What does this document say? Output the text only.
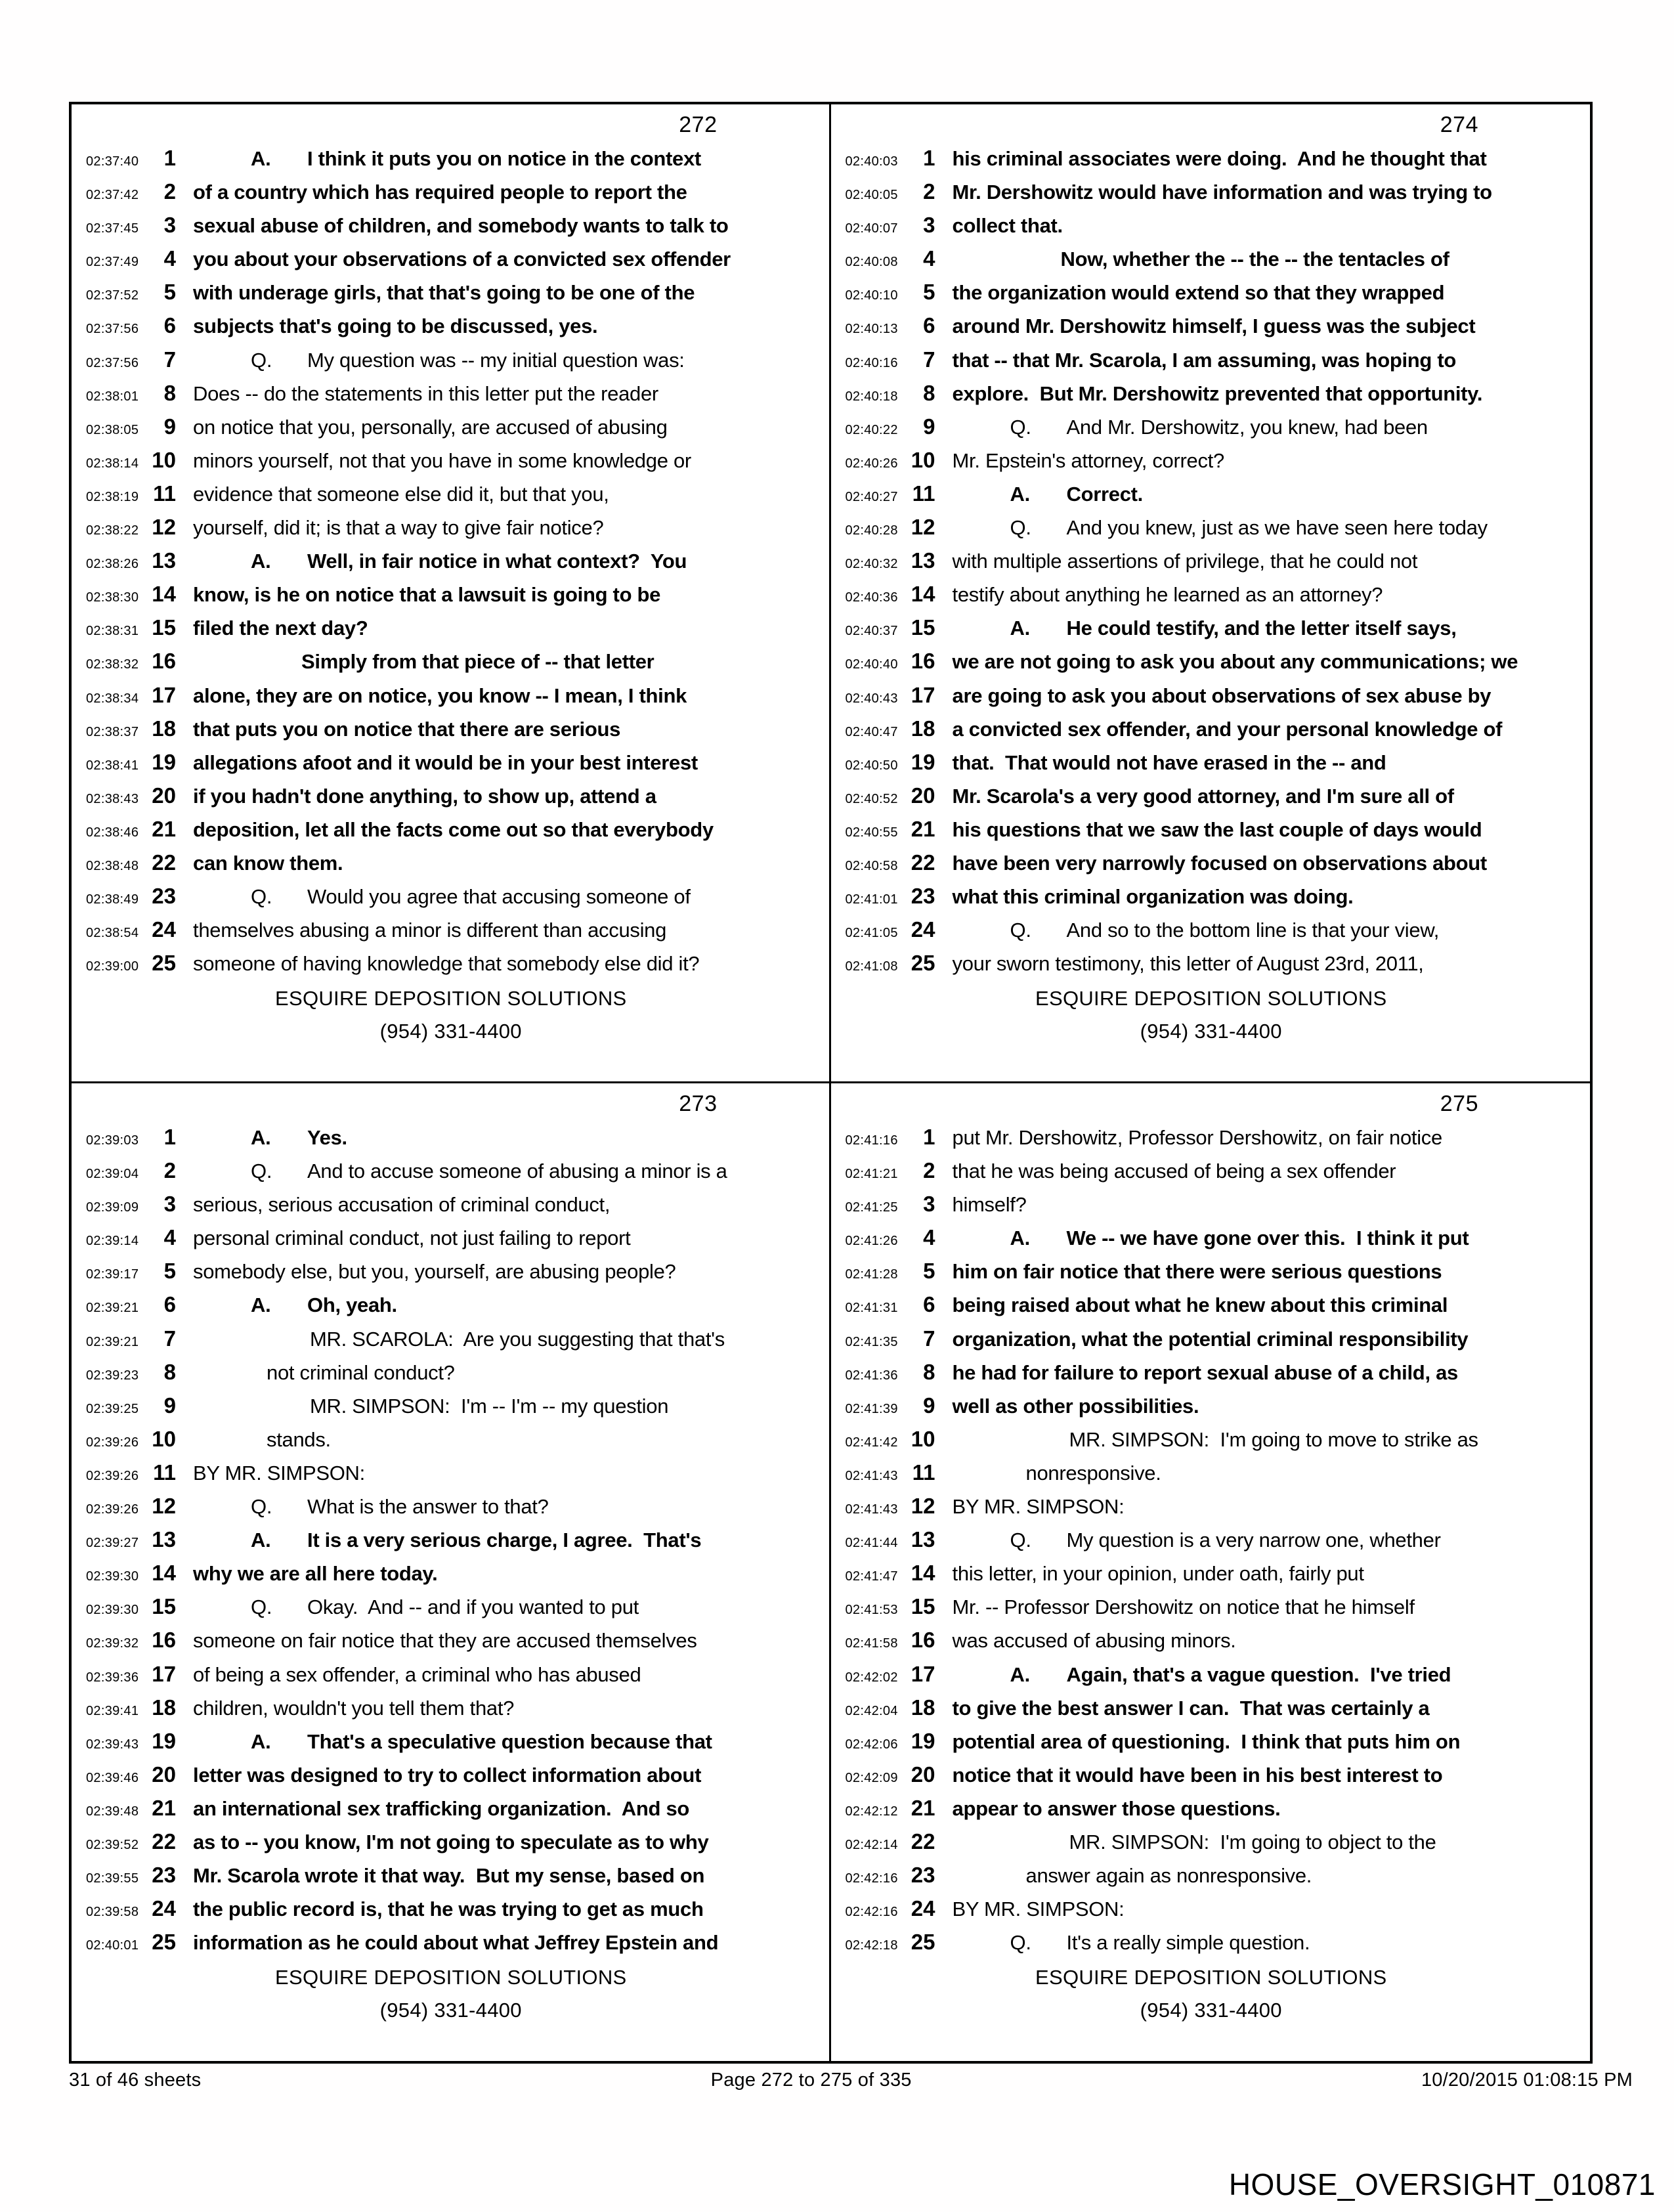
272
02:37:40	1	A. I think it puts you on notice in the context
02:37:42	2 of a country which has required people to report the
02:37:45	3 sexual abuse of children, and somebody wants to talk to
02:37:49	4 you about your observations of a convicted sex offender
02:37:52	5 with underage girls, that that's going to be one of the
02:37:56	6 subjects that's going to be discussed, yes.
02:37:56	7	Q. My question was -- my initial question was:
02:38:01	8 Does -- do the statements in this letter put the reader
02:38:05	9 on notice that you, personally, are accused of abusing
02:38:14 10 minors yourself, not that you have in some knowledge or
02:38:19 11 evidence that someone else did it, but that you,
02:38:22 12 yourself, did it; is that a way to give fair notice?
02:38:26 13	A. Well, in fair notice in what context?  You
02:38:30 14 know, is he on notice that a lawsuit is going to be
02:38:31 15 filed the next day?
02:38:32 16	Simply from that piece of -- that letter
02:38:34 17 alone, they are on notice, you know -- I mean, I think
02:38:37 18 that puts you on notice that there are serious
02:38:41 19 allegations afoot and it would be in your best interest
02:38:43 20 if you hadn't done anything, to show up, attend a
02:38:46 21 deposition, let all the facts come out so that everybody
02:38:48 22 can know them.
02:38:49 23	Q. Would you agree that accusing someone of
02:38:54 24 themselves abusing a minor is different than accusing
02:39:00 25 someone of having knowledge that somebody else did it?
ESQUIRE DEPOSITION SOLUTIONS
(954) 331-4400
274
02:40:03	1 his criminal associates were doing.  And he thought that
02:40:05	2 Mr. Dershowitz would have information and was trying to
02:40:07	3 collect that.
02:40:08	4	Now, whether the -- the -- the tentacles of
02:40:10	5 the organization would extend so that they wrapped
02:40:13	6 around Mr. Dershowitz himself, I guess was the subject
02:40:16	7 that -- that Mr. Scarola, I am assuming, was hoping to
02:40:18	8 explore.  But Mr. Dershowitz prevented that opportunity.
02:40:22	9	Q. And Mr. Dershowitz, you knew, had been
02:40:26 10 Mr. Epstein's attorney, correct?
02:40:27 11	A. Correct.
02:40:28 12	Q. And you knew, just as we have seen here today
02:40:32 13 with multiple assertions of privilege, that he could not
02:40:36 14 testify about anything he learned as an attorney?
02:40:37 15	A. He could testify, and the letter itself says,
02:40:40 16 we are not going to ask you about any communications; we
02:40:43 17 are going to ask you about observations of sex abuse by
02:40:47 18 a convicted sex offender, and your personal knowledge of
02:40:50 19 that.  That would not have erased in the -- and
02:40:52 20 Mr. Scarola's a very good attorney, and I'm sure all of
02:40:55 21 his questions that we saw the last couple of days would
02:40:58 22 have been very narrowly focused on observations about
02:41:01 23 what this criminal organization was doing.
02:41:05 24	Q. And so to the bottom line is that your view,
02:41:08 25 your sworn testimony, this letter of August 23rd, 2011,
ESQUIRE DEPOSITION SOLUTIONS
(954) 331-4400
273
02:39:03	1	A. Yes.
02:39:04	2	Q. And to accuse someone of abusing a minor is a
02:39:09	3 serious, serious accusation of criminal conduct,
02:39:14	4 personal criminal conduct, not just failing to report
02:39:17	5 somebody else, but you, yourself, are abusing people?
02:39:21	6	A. Oh, yeah.
02:39:21	7	MR. SCAROLA:  Are you suggesting that that's
02:39:23	8	not criminal conduct?
02:39:25	9	MR. SIMPSON:  I'm -- I'm -- my question
02:39:26 10	stands.
02:39:26 11 BY MR. SIMPSON:
02:39:26 12	Q. What is the answer to that?
02:39:27 13	A. It is a very serious charge, I agree.  That's
02:39:30 14 why we are all here today.
02:39:30 15	Q. Okay.  And -- and if you wanted to put
02:39:32 16 someone on fair notice that they are accused themselves
02:39:36 17 of being a sex offender, a criminal who has abused
02:39:41 18 children, wouldn't you tell them that?
02:39:43 19	A. That's a speculative question because that
02:39:46 20 letter was designed to try to collect information about
02:39:48 21 an international sex trafficking organization.  And so
02:39:52 22 as to -- you know, I'm not going to speculate as to why
02:39:55 23 Mr. Scarola wrote it that way.  But my sense, based on
02:39:58 24 the public record is, that he was trying to get as much
02:40:01 25 information as he could about what Jeffrey Epstein and
ESQUIRE DEPOSITION SOLUTIONS
(954) 331-4400
275
02:41:16	1 put Mr. Dershowitz, Professor Dershowitz, on fair notice
02:41:21	2 that he was being accused of being a sex offender
02:41:25	3 himself?
02:41:26	4	A. We -- we have gone over this.  I think it put
02:41:28	5 him on fair notice that there were serious questions
02:41:31	6 being raised about what he knew about this criminal
02:41:35	7 organization, what the potential criminal responsibility
02:41:36	8 he had for failure to report sexual abuse of a child, as
02:41:39	9 well as other possibilities.
02:41:42 10	MR. SIMPSON:  I'm going to move to strike as
02:41:43 11	nonresponsive.
02:41:43 12 BY MR. SIMPSON:
02:41:44 13	Q. My question is a very narrow one, whether
02:41:47 14 this letter, in your opinion, under oath, fairly put
02:41:53 15 Mr. -- Professor Dershowitz on notice that he himself
02:41:58 16 was accused of abusing minors.
02:42:02 17	A. Again, that's a vague question.  I've tried
02:42:04 18 to give the best answer I can.  That was certainly a
02:42:06 19 potential area of questioning.  I think that puts him on
02:42:09 20 notice that it would have been in his best interest to
02:42:12 21 appear to answer those questions.
02:42:14 22	MR. SIMPSON:  I'm going to object to the
02:42:16 23	answer again as nonresponsive.
02:42:16 24 BY MR. SIMPSON:
02:42:18 25	Q. It's a really simple question.
ESQUIRE DEPOSITION SOLUTIONS
(954) 331-4400
31 of 46 sheets	Page 272 to 275 of 335	10/20/2015 01:08:15 PM
HOUSE_OVERSIGHT_010871
